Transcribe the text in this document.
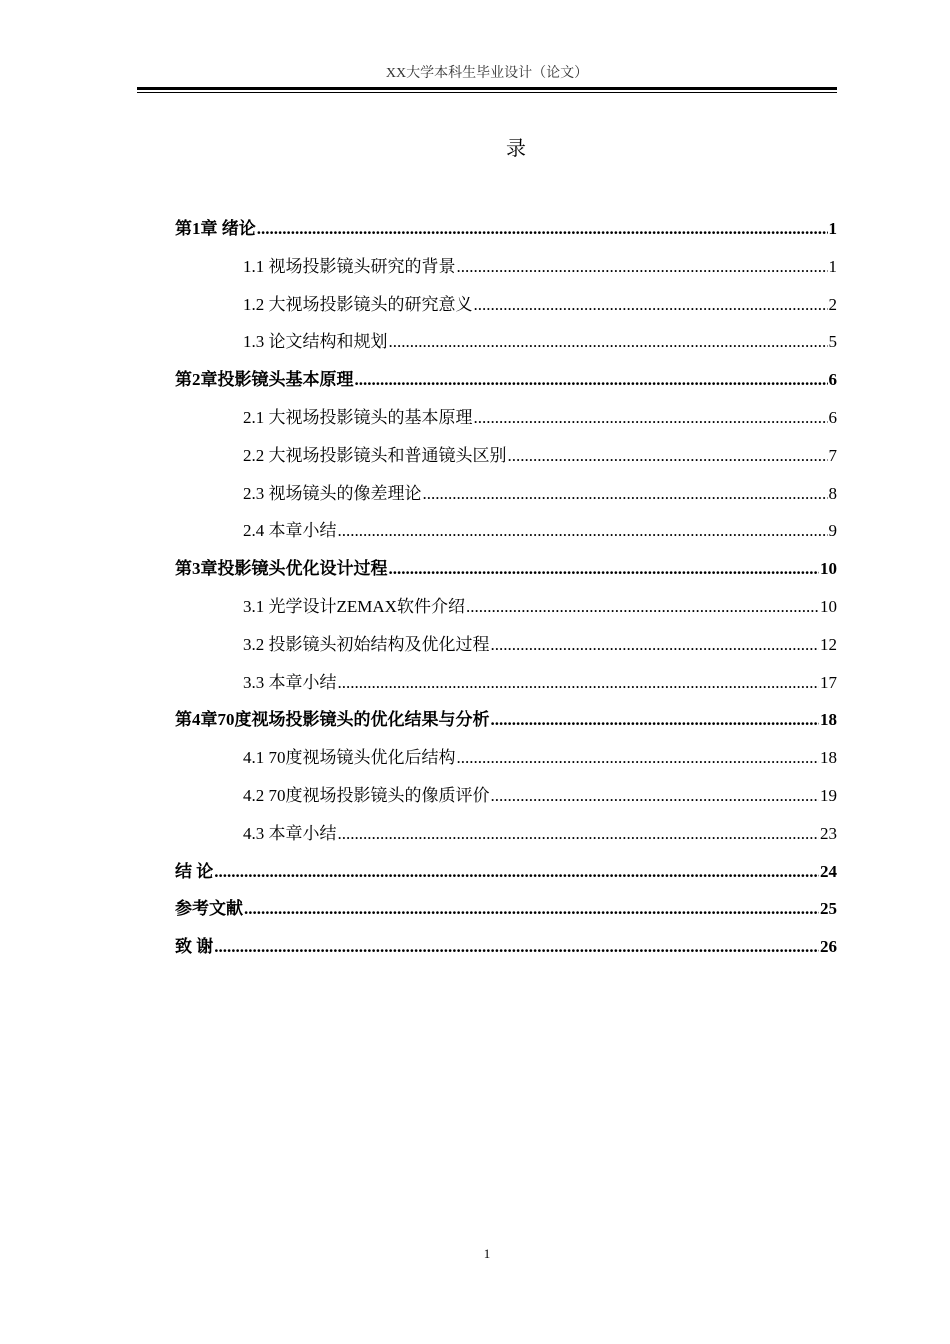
XX大学本科生毕业设计（论文）
录
第1章 绪论 .....	1
1.1 视场投影镜头研究的背景 .....	1
1.2 大视场投影镜头的研究意义 .....	2
1.3 论文结构和规划 .....	5
第2章投影镜头基本原理 .....	6
2.1 大视场投影镜头的基本原理 .....	6
2.2 大视场投影镜头和普通镜头区别 .....	7
2.3 视场镜头的像差理论 .....	8
2.4 本章小结 .....	9
第3章投影镜头优化设计过程 .....	10
3.1 光学设计ZEMAX软件介绍 .....	10
3.2 投影镜头初始结构及优化过程 .....	12
3.3 本章小结 .....	17
第4章70度视场投影镜头的优化结果与分析 .....	18
4.1 70度视场镜头优化后结构 .....	18
4.2 70度视场投影镜头的像质评价 .....	19
4.3 本章小结 .....	23
结 论 .....	24
参考文献 .....	25
致 谢 .....	26
1
